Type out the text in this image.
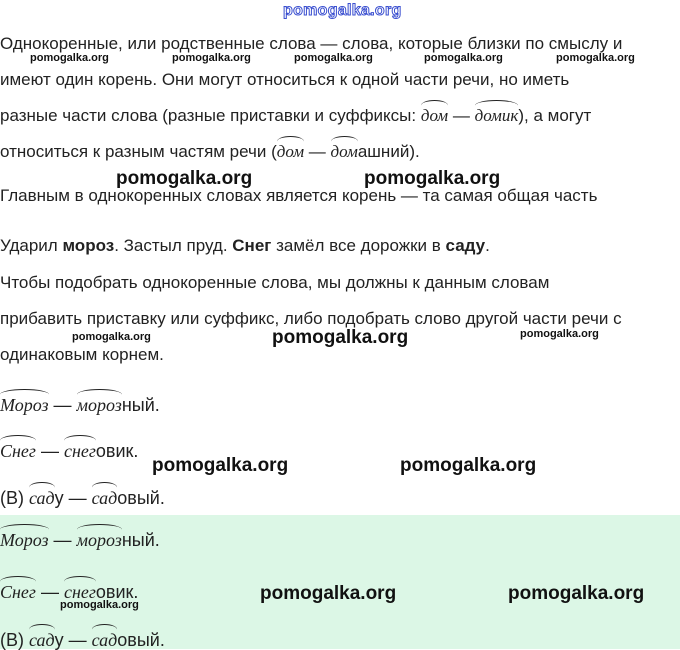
pomogalka.org
Однокоренные, или родственные слова — слова, которые близки по смыслу и
имеют один корень. Они могут относиться к одной части речи, но иметь
разные части слова (разные приставки и суффиксы: дом — домик), а могут
относиться к разным частям речи (дом — домашний).
Главным в однокоренных словах является корень — та самая общая часть
Ударил мороз. Застыл пруд. Снег замёл все дорожки в саду.
Чтобы подобрать однокоренные слова, мы должны к данным словам
прибавить приставку или суффикс, либо подобрать слово другой части речи с
одинаковым корнем.
Мороз — морозный.
Снег — снеговик.
(В) саду — садовый.
Мороз — морозный.
Снег — снеговик.
(В) саду — садовый.
pomogalka.org	pomogalka.org	pomogalka.org	pomogalka.org	pomogalka.org
pomogalka.org	pomogalka.org
pomogalka.org	pomogalka.org	pomogalka.org
pomogalka.org	pomogalka.org
pomogalka.org	pomogalka.org
pomogalka.org
